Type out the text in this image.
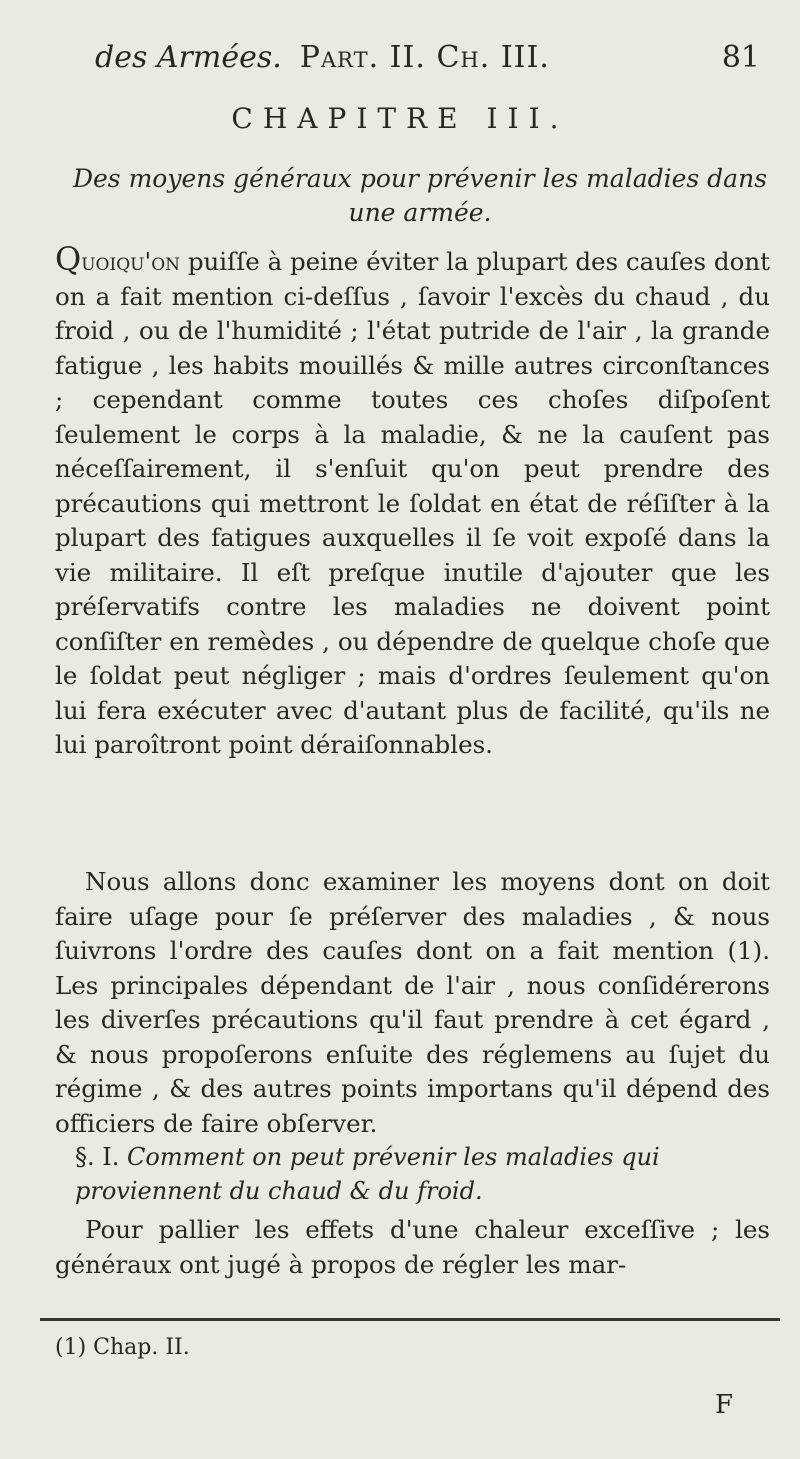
des Armées. Part. II. Ch. III.	81
CHAPITRE III.
Des moyens généraux pour prévenir les maladies dans une armée.
Quoiqu'on puiſſe à peine éviter la plupart des cauſes dont on a fait mention ci-deſſus , ſavoir l'excès du chaud , du froid , ou de l'humidité ; l'état putride de l'air , la grande fatigue , les habits mouillés & mille autres circonſtances ; cependant comme toutes ces choſes diſpoſent ſeulement le corps à la maladie, & ne la cauſent pas néceſſairement, il s'enſuit qu'on peut prendre des précautions qui mettront le ſoldat en état de réſiſter à la plupart des fatigues auxquelles il ſe voit expoſé dans la vie militaire. Il eſt preſque inutile d'ajouter que les préſervatifs contre les maladies ne doivent point conſiſter en remèdes , ou dépendre de quelque choſe que le ſoldat peut négliger ; mais d'ordres ſeulement qu'on lui fera exécuter avec d'autant plus de facilité, qu'ils ne lui paroîtront point déraiſonnables.
Nous allons donc examiner les moyens dont on doit faire uſage pour ſe préſerver des maladies , & nous ſuivrons l'ordre des cauſes dont on a fait mention (1). Les principales dépendant de l'air , nous conſidérerons les diverſes précautions qu'il faut prendre à cet égard , & nous propoſerons enſuite des réglemens au ſujet du régime , & des autres points importans qu'il dépend des officiers de faire obſerver.
§. I. Comment on peut prévenir les maladies qui proviennent du chaud & du froid.
Pour pallier les effets d'une chaleur exceſſive ; les généraux ont jugé à propos de régler les mar-
(1) Chap. II.
F
